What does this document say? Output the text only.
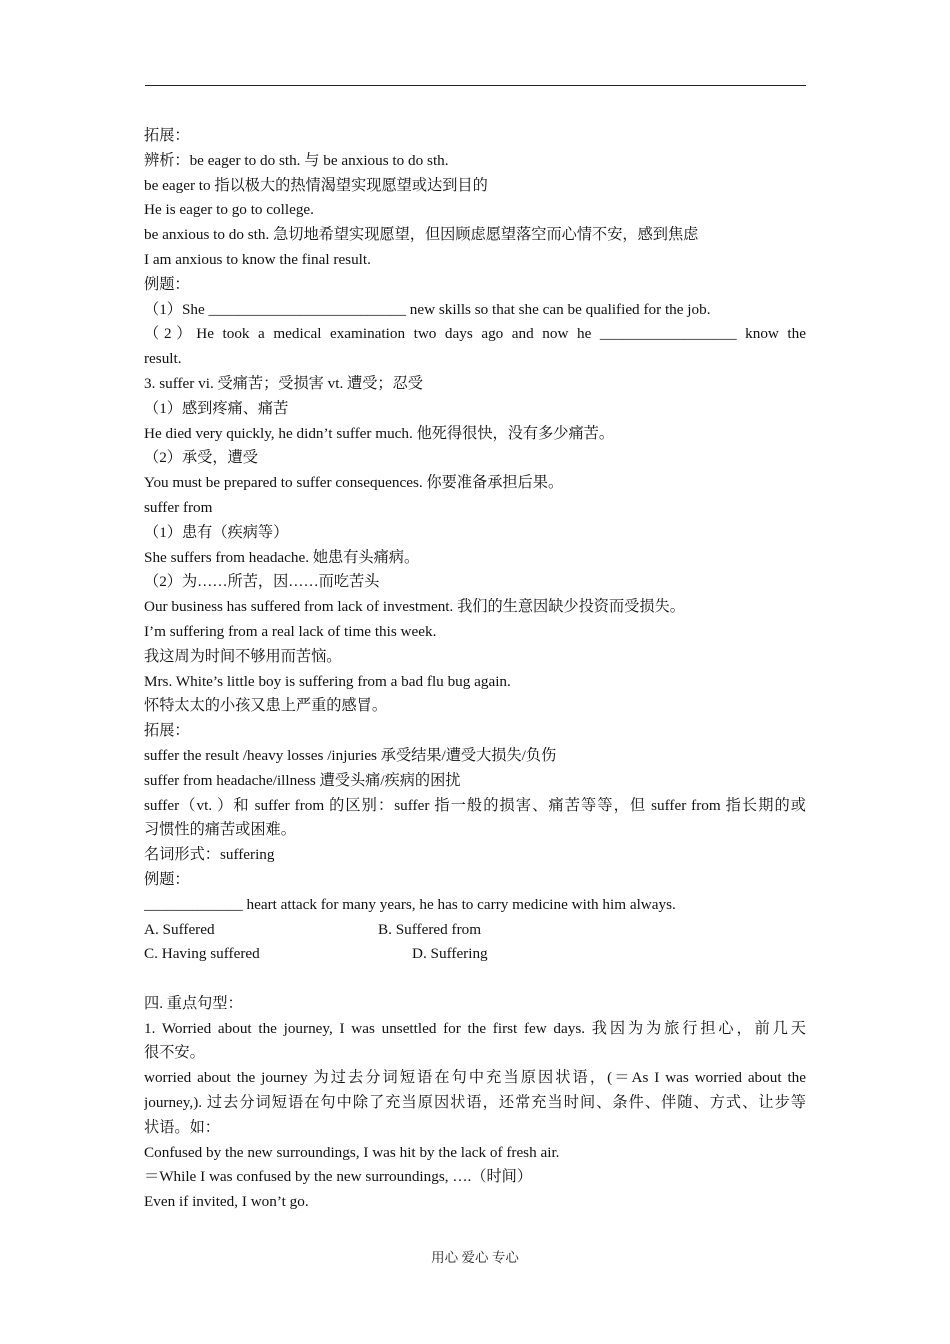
拓展：

辨析：be eager to do sth. 与 be anxious to do sth.

be eager to 指以极大的热情渴望实现愿望或达到目的

He is eager to go to college.

be anxious to do sth. 急切地希望实现愿望，但因顾虑愿望落空而心情不安，感到焦虑

I am anxious to know the final result.

例题：

（1）She __________________________ new skills so that she can be qualified for the job.

（2）He took a medical examination two days ago and now he __________________ know the

result.

3. suffer vi. 受痛苦；受损害 vt. 遭受；忍受

（1）感到疼痛、痛苦

He died very quickly, he didn’t suffer much. 他死得很快，没有多少痛苦。

（2）承受，遭受

You must be prepared to suffer consequences. 你要准备承担后果。

suffer from

（1）患有（疾病等）

She suffers from headache. 她患有头痛病。

（2）为……所苦，因……而吃苦头

Our business has suffered from lack of investment. 我们的生意因缺少投资而受损失。

I’m suffering from a real lack of time this week.

我这周为时间不够用而苦恼。

Mrs. White’s little boy is suffering from a bad flu bug again.

怀特太太的小孩又患上严重的感冒。

拓展：

suffer the result /heavy losses /injuries 承受结果/遭受大损失/负伤

suffer from headache/illness 遭受头痛/疾病的困扰

suffer（vt. ）和 suffer from 的区别：suffer 指一般的损害、痛苦等等，但 suffer from 指长期的或

习惯性的痛苦或困难。

名词形式：suffering

例题：

_____________ heart attack for many years, he has to carry medicine with him always.

A. Suffered	B. Suffered from
C. Having suffered	D. Suffering

四. 重点句型：

1. Worried about the journey, I was unsettled for the first few days. 我因为为旅行担心，前几天

很不安。

worried about the journey 为过去分词短语在句中充当原因状语，(＝As I was worried about the

journey,). 过去分词短语在句中除了充当原因状语，还常充当时间、条件、伴随、方式、让步等

状语。如：

Confused by the new surroundings, I was hit by the lack of fresh air.

＝While I was confused by the new surroundings, ….（时间）

Even if invited, I won’t go.

用心 爱心 专心
